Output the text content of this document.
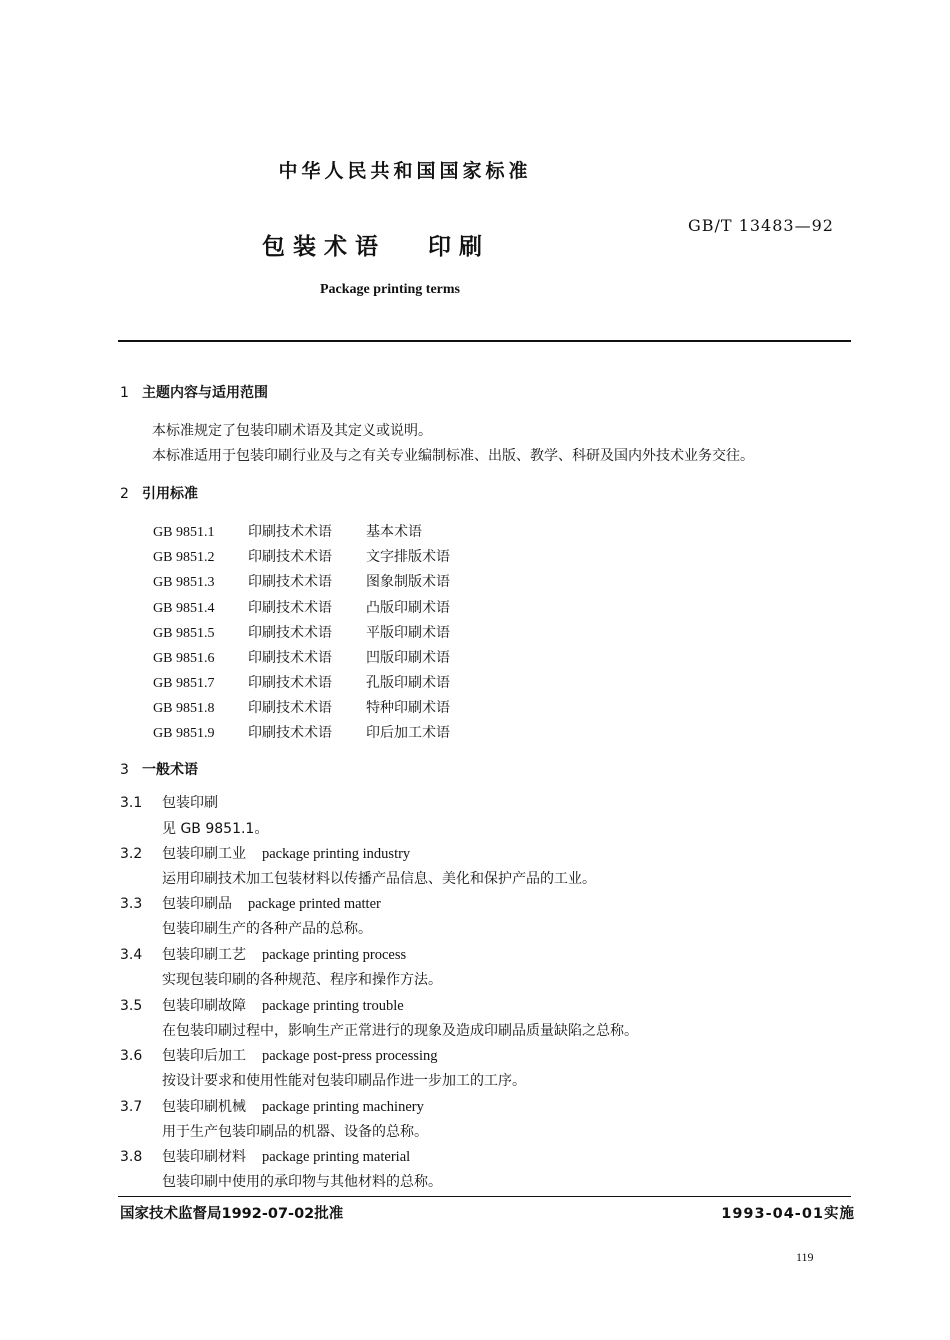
中华人民共和国国家标准
GB/T 13483—92
包装术语 印刷
Package printing terms
1 主题内容与适用范围
本标准规定了包装印刷术语及其定义或说明。
本标准适用于包装印刷行业及与之有关专业编制标准、出版、教学、科研及国内外技术业务交往。
2 引用标准
GB 9851.1 印刷技术术语 基本术语
GB 9851.2 印刷技术术语 文字排版术语
GB 9851.3 印刷技术术语 图象制版术语
GB 9851.4 印刷技术术语 凸版印刷术语
GB 9851.5 印刷技术术语 平版印刷术语
GB 9851.6 印刷技术术语 凹版印刷术语
GB 9851.7 印刷技术术语 孔版印刷术语
GB 9851.8 印刷技术术语 特种印刷术语
GB 9851.9 印刷技术术语 印后加工术语
3 一般术语
3.1 包装印刷
见 GB 9851.1。
3.2 包装印刷工业 package printing industry
运用印刷技术加工包装材料以传播产品信息、美化和保护产品的工业。
3.3 包装印刷品 package printed matter
包装印刷生产的各种产品的总称。
3.4 包装印刷工艺 package printing process
实现包装印刷的各种规范、程序和操作方法。
3.5 包装印刷故障 package printing trouble
在包装印刷过程中，影响生产正常进行的现象及造成印刷品质量缺陷之总称。
3.6 包装印后加工 package post-press processing
按设计要求和使用性能对包装印刷品作进一步加工的工序。
3.7 包装印刷机械 package printing machinery
用于生产包装印刷品的机器、设备的总称。
3.8 包装印刷材料 package printing material
包装印刷中使用的承印物与其他材料的总称。
国家技术监督局1992-07-02批准	1993-04-01实施
119
